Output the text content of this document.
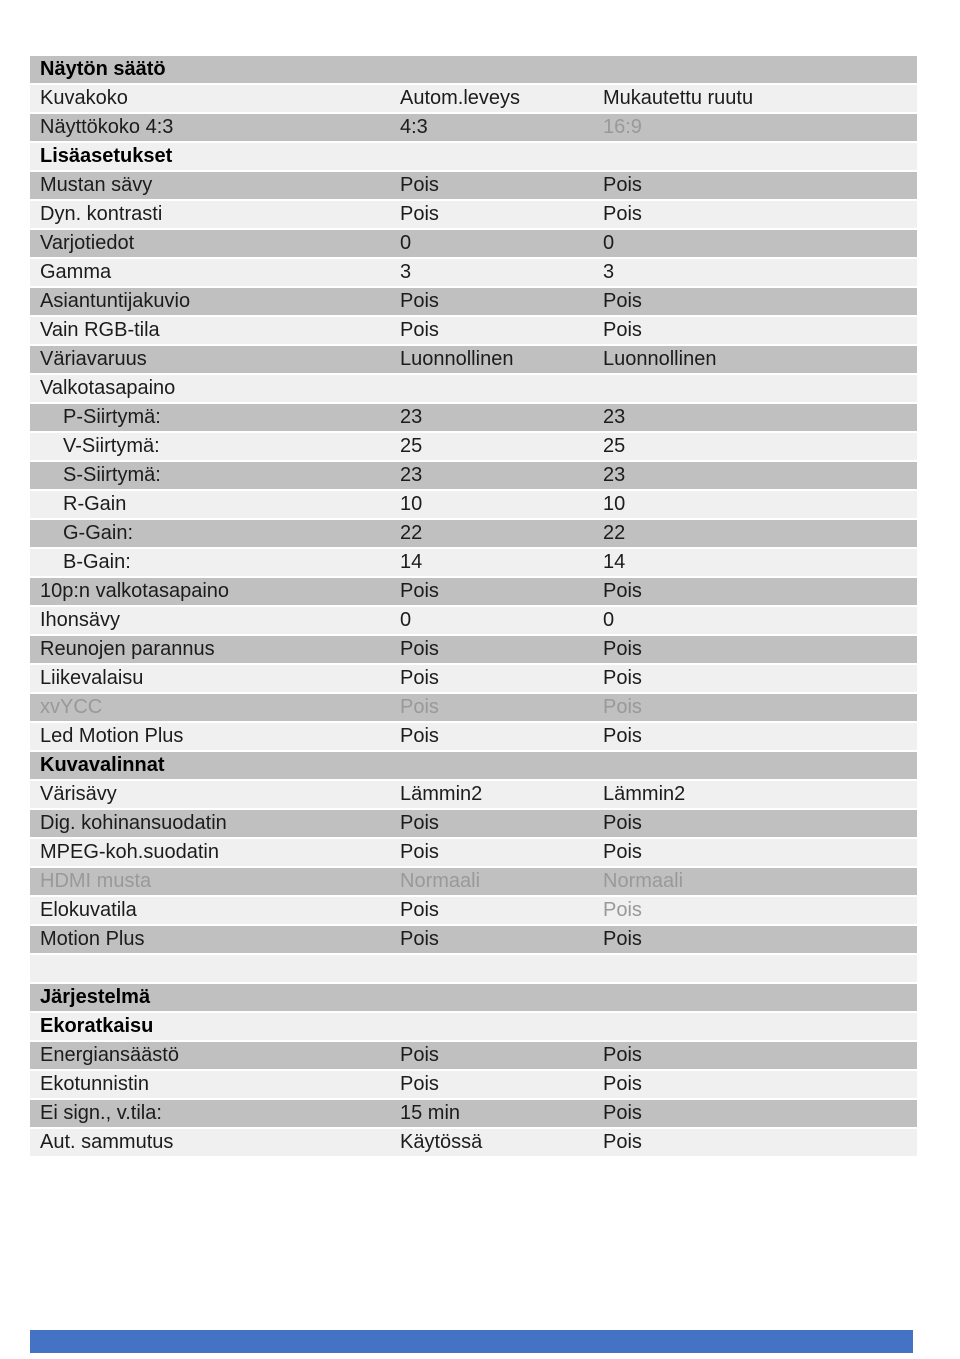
Näytön säätö
Kuvakoko	Autom.leveys	Mukautettu ruutu
Näyttökoko 4:3	4:3	16:9
Lisäasetukset
Mustan sävy	Pois	Pois
Dyn. kontrasti	Pois	Pois
Varjotiedot	0	0
Gamma	3	3
Asiantuntijakuvio	Pois	Pois
Vain RGB-tila	Pois	Pois
Väriavaruus	Luonnollinen	Luonnollinen
Valkotasapaino
P-Siirtymä:	23	23
V-Siirtymä:	25	25
S-Siirtymä:	23	23
R-Gain	10	10
G-Gain:	22	22
B-Gain:	14	14
10p:n valkotasapaino	Pois	Pois
Ihonsävy	0	0
Reunojen parannus	Pois	Pois
Liikevalaisu	Pois	Pois
xvYCC	Pois	Pois
Led Motion Plus	Pois	Pois
Kuvavalinnat
Värisävy	Lämmin2	Lämmin2
Dig. kohinansuodatin	Pois	Pois
MPEG-koh.suodatin	Pois	Pois
HDMI musta	Normaali	Normaali
Elokuvatila	Pois	Pois
Motion Plus	Pois	Pois
Järjestelmä
Ekoratkaisu
Energiansäästö	Pois	Pois
Ekotunnistin	Pois	Pois
Ei sign., v.tila:	15 min	Pois
Aut. sammutus	Käytössä	Pois
